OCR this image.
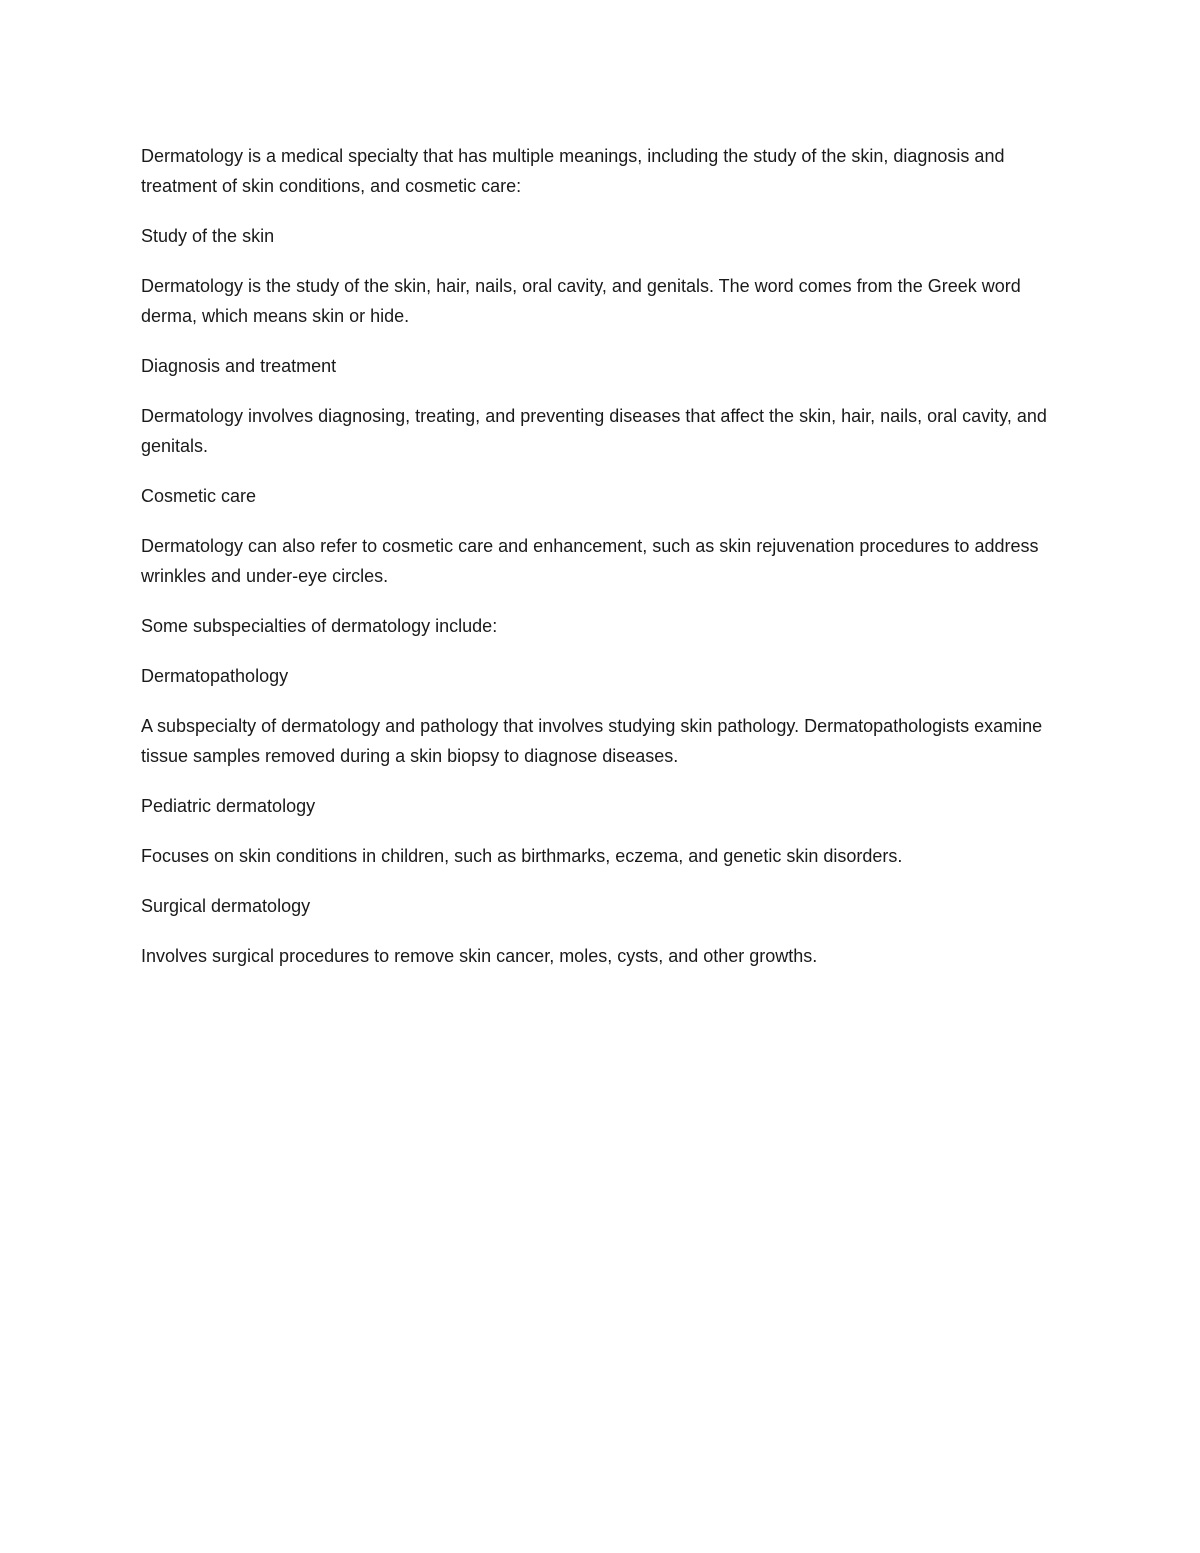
Dermatology is a medical specialty that has multiple meanings, including the study of the skin, diagnosis and treatment of skin conditions, and cosmetic care:

Study of the skin

Dermatology is the study of the skin, hair, nails, oral cavity, and genitals. The word comes from the Greek word derma, which means skin or hide.

Diagnosis and treatment

Dermatology involves diagnosing, treating, and preventing diseases that affect the skin, hair, nails, oral cavity, and genitals.

Cosmetic care

Dermatology can also refer to cosmetic care and enhancement, such as skin rejuvenation procedures to address wrinkles and under-eye circles.

Some subspecialties of dermatology include:

Dermatopathology

A subspecialty of dermatology and pathology that involves studying skin pathology. Dermatopathologists examine tissue samples removed during a skin biopsy to diagnose diseases.

Pediatric dermatology

Focuses on skin conditions in children, such as birthmarks, eczema, and genetic skin disorders.

Surgical dermatology

Involves surgical procedures to remove skin cancer, moles, cysts, and other growths.
